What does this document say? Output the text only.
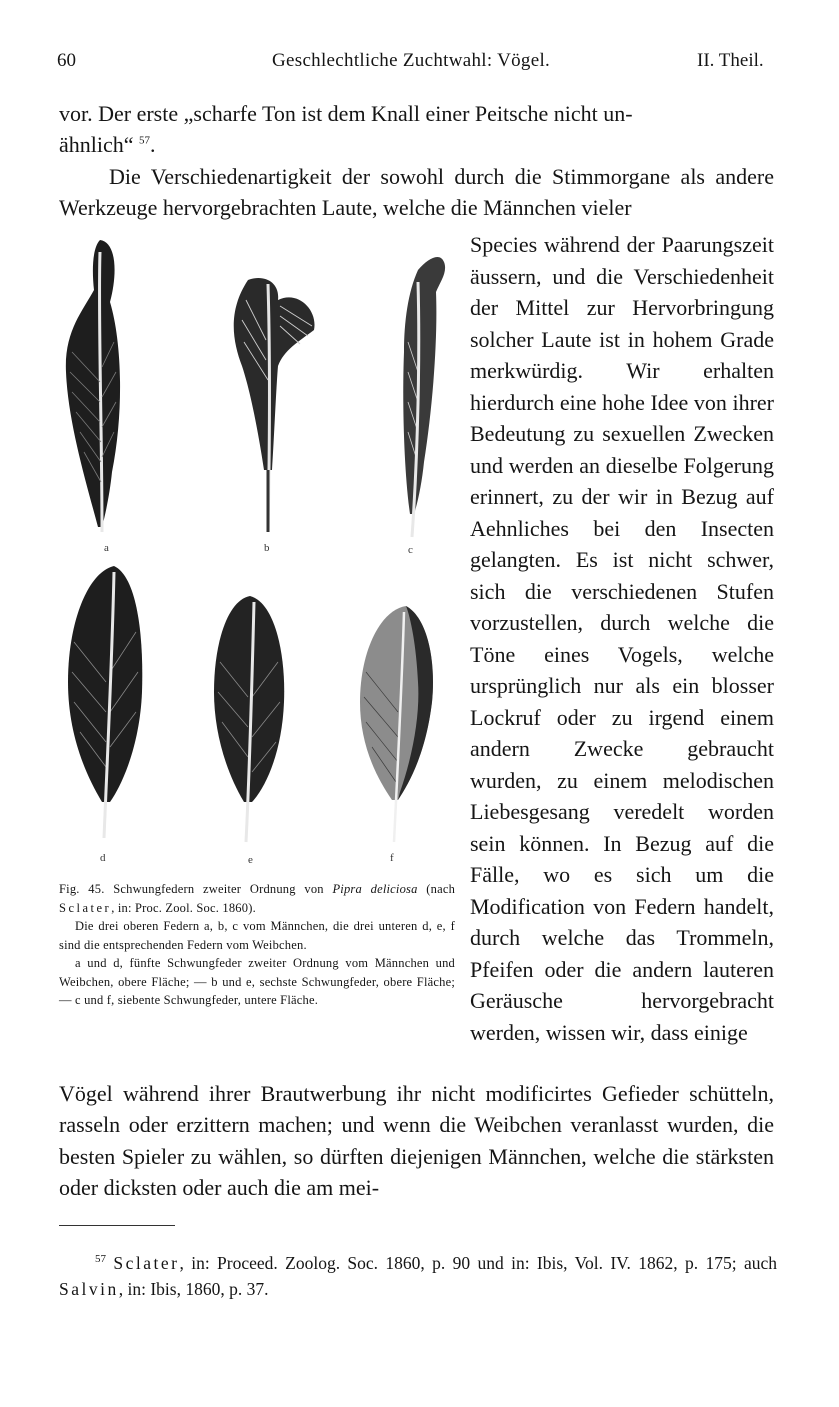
60	Geschlechtliche Zuchtwahl: Vögel.	II. Theil.

vor. Der erste „scharfe Ton ist dem Knall einer Peitsche nicht un-
ähnlich“ $^{57}$.

Die Verschiedenartigkeit der sowohl durch die Stimmorgane als andere Werkzeuge hervorgebrachten Laute, welche die Männchen vieler

Species während der Paarungszeit äussern, und die Verschiedenheit der Mittel zur Hervorbringung solcher Laute ist in hohem Grade merkwürdig. Wir erhalten hierdurch eine hohe Idee von ihrer Bedeutung zu sexuellen Zwecken und werden an dieselbe Folgerung erinnert, zu der wir in Bezug auf Aehnliches bei den Insecten gelangten. Es ist nicht schwer, sich die verschiedenen Stufen vorzustellen, durch welche die Töne eines Vogels, welche ursprünglich nur als ein blosser Lockruf oder zu irgend einem andern Zwecke gebraucht wurden, zu einem melodischen Liebesgesang veredelt worden sein können. In Bezug auf die Fälle, wo es sich um die Modification von Federn handelt, durch welche das Trommeln, Pfeifen oder die andern lauteren Geräusche hervorgebracht werden, wissen wir, dass einige

a	b	c
d	e	f

Fig. 45. Schwungfedern zweiter Ordnung von Pipra deliciosa (nach Sclater, in: Proc. Zool. Soc. 1860).

Die drei oberen Federn a, b, c vom Männchen, die drei unteren d, e, f sind die entsprechenden Federn vom Weibchen.

a und d, fünfte Schwungfeder zweiter Ordnung vom Männchen und Weibchen, obere Fläche; — b und e, sechste Schwungfeder, obere Fläche; — c und f, siebente Schwungfeder, untere Fläche.

Vögel während ihrer Brautwerbung ihr nicht modificirtes Gefieder schütteln, rasseln oder erzittern machen; und wenn die Weibchen veranlasst wurden, die besten Spieler zu wählen, so dürften diejenigen Männchen, welche die stärksten oder dicksten oder auch die am mei-

$^{57}$ Sclater, in: Proceed. Zoolog. Soc. 1860, p. 90 und in: Ibis, Vol. IV. 1862, p. 175; auch Salvin, in: Ibis, 1860, p. 37.
